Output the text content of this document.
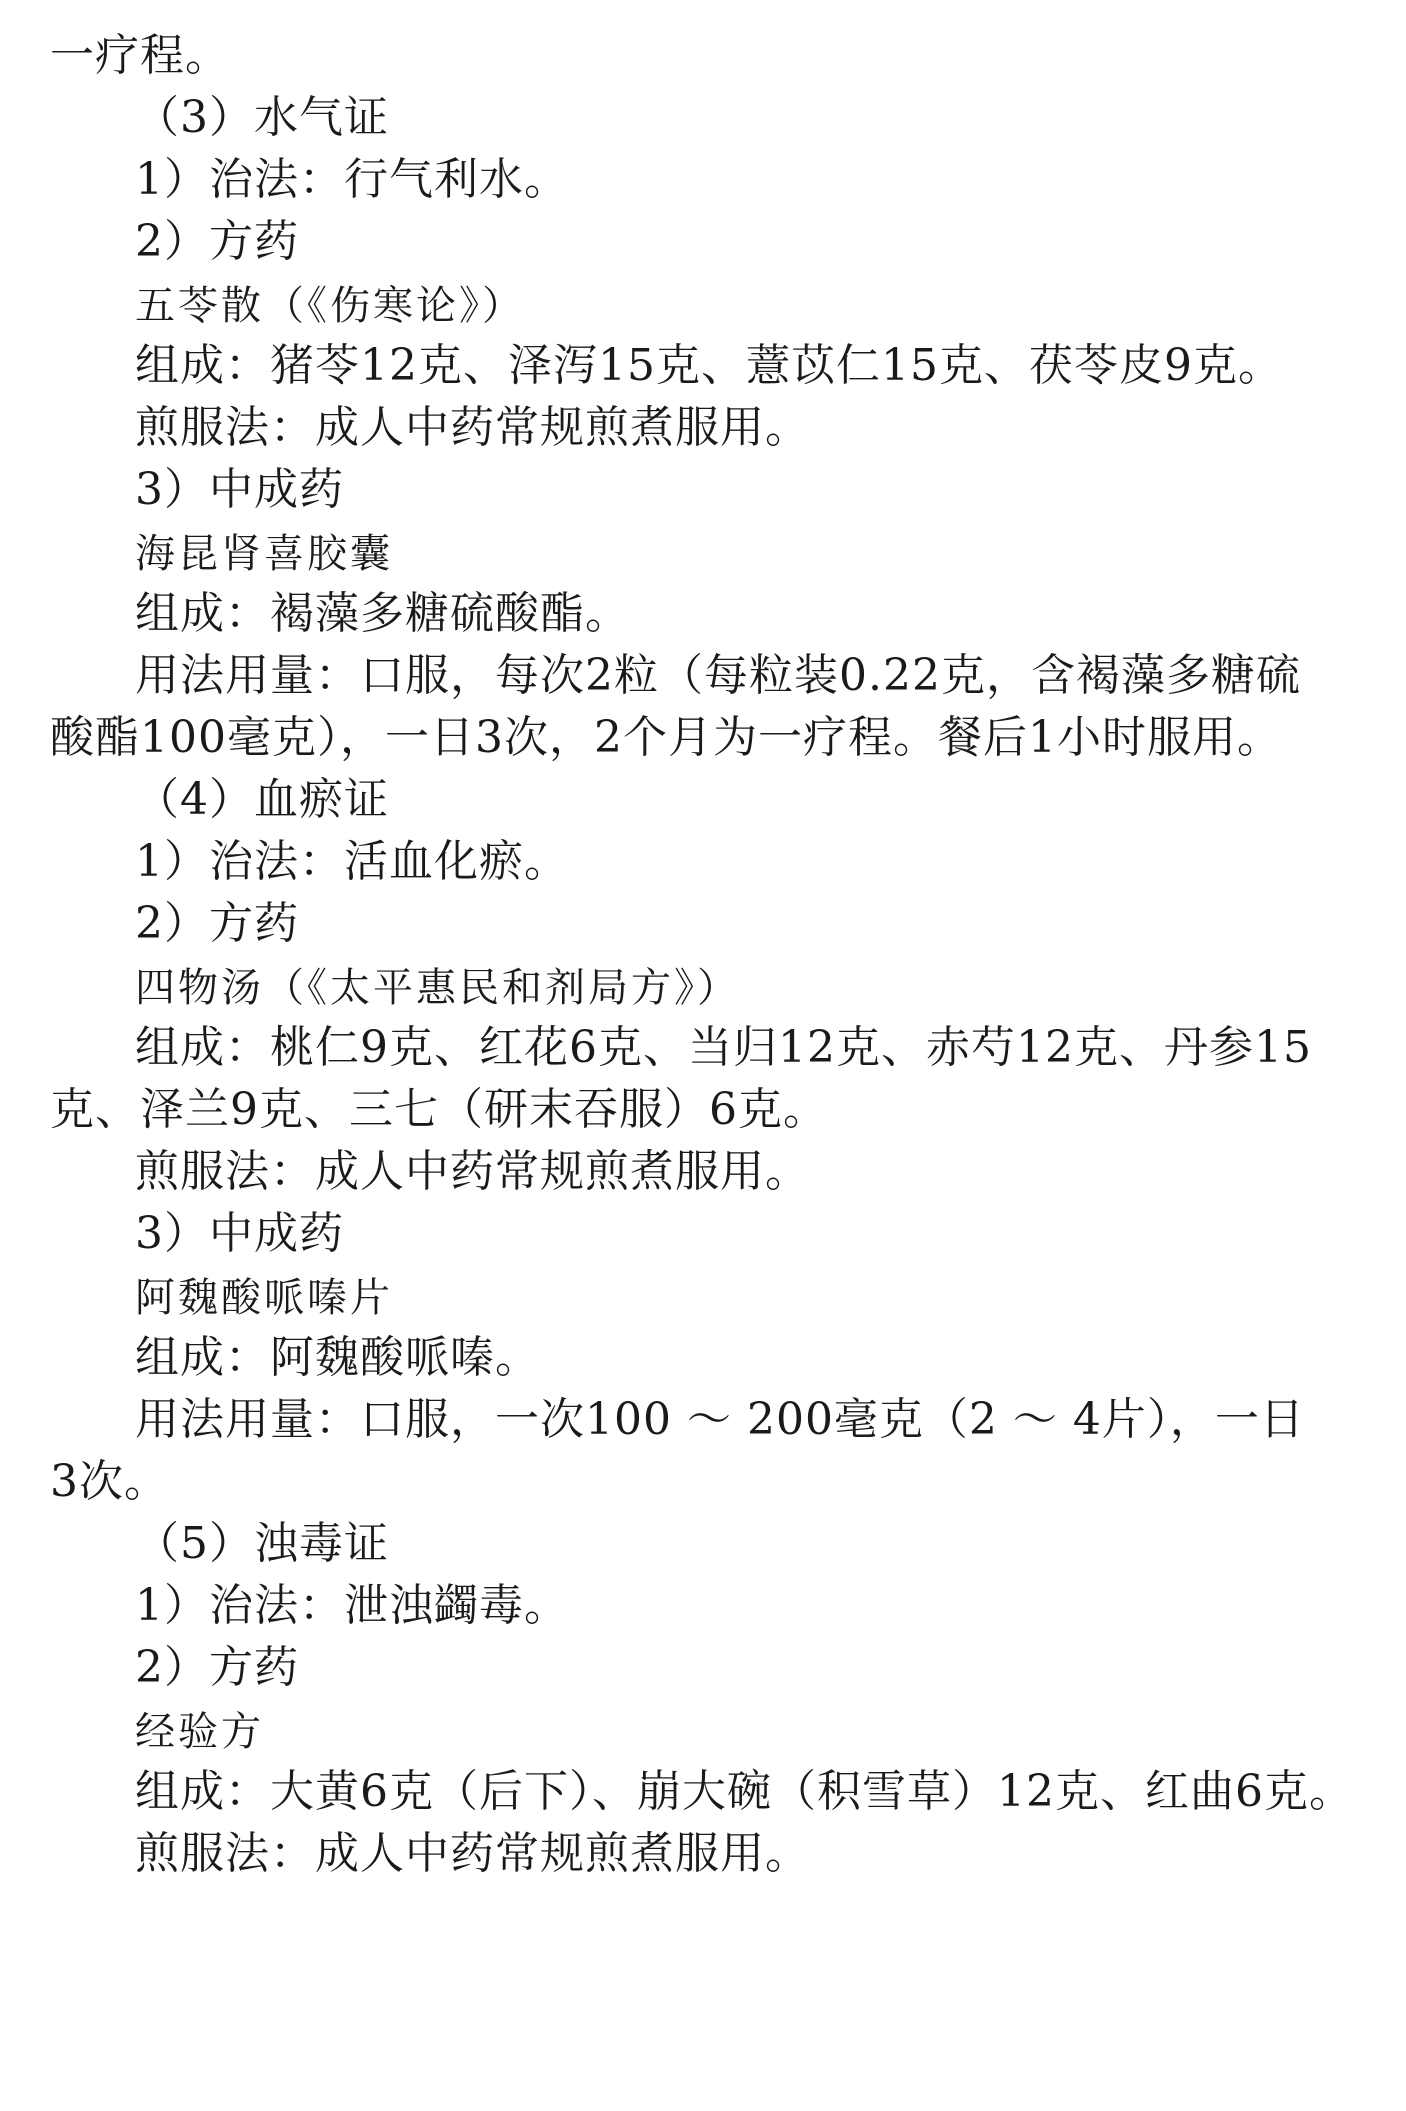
一疗程。
（3）水气证
1）治法：行气利水。
2）方药
五苓散（《伤寒论》）
组成：猪苓12克、泽泻15克、薏苡仁15克、茯苓皮9克。
煎服法：成人中药常规煎煮服用。
3）中成药
海昆肾喜胶囊
组成：褐藻多糖硫酸酯。
用法用量：口服，每次2粒（每粒装0.22克，含褐藻多糖硫
酸酯100毫克），一日3次，2个月为一疗程。餐后1小时服用。
（4）血瘀证
1）治法：活血化瘀。
2）方药
四物汤（《太平惠民和剂局方》）
组成：桃仁9克、红花6克、当归12克、赤芍12克、丹参15
克、泽兰9克、三七（研末吞服）6克。
煎服法：成人中药常规煎煮服用。
3）中成药
阿魏酸哌嗪片
组成：阿魏酸哌嗪。
用法用量：口服，一次100 ～ 200毫克（2 ～ 4片），一日
3次。
（5）浊毒证
1）治法：泄浊蠲毒。
2）方药
经验方
组成：大黄6克（后下）、崩大碗（积雪草）12克、红曲6克。
煎服法：成人中药常规煎煮服用。
